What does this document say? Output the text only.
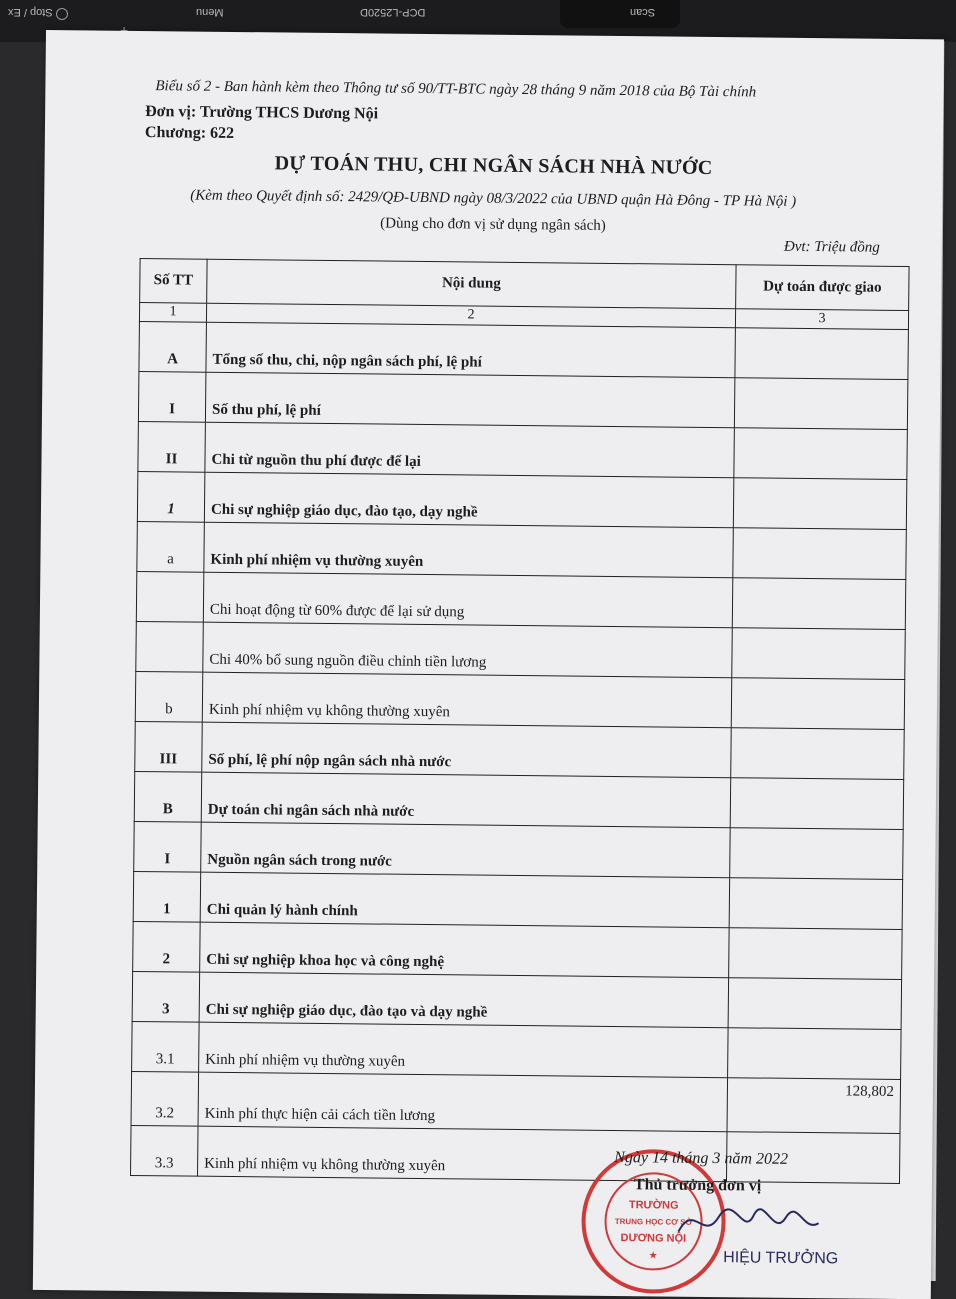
Stop / Ex	Menu	DCP-L2520D	Scan
Biểu số 2 - Ban hành kèm theo Thông tư số 90/TT-BTC ngày 28 tháng 9 năm 2018 của Bộ Tài chính
Đơn vị: Trường THCS Dương Nội
Chương: 622
DỰ TOÁN THU, CHI NGÂN SÁCH NHÀ NƯỚC
(Kèm theo Quyết định số: 2429/QĐ-UBND ngày 08/3/2022 của UBND quận Hà Đông - TP Hà Nội )
(Dùng cho đơn vị sử dụng ngân sách)
Đvt: Triệu đồng
Số TT	Nội dung	Dự toán được giao
1	2	3
A	Tổng số thu, chi, nộp ngân sách phí, lệ phí	
I	Số thu phí, lệ phí	
II	Chi từ nguồn thu phí được để lại	
1	Chi sự nghiệp giáo dục, đào tạo, dạy nghề	
a	Kinh phí nhiệm vụ thường xuyên	
	Chi hoạt động từ 60% được để lại sử dụng	
	Chi 40% bổ sung nguồn điều chỉnh tiền lương	
b	Kinh phí nhiệm vụ không thường xuyên	
III	Số phí, lệ phí nộp ngân sách nhà nước	
B	Dự toán chi ngân sách nhà nước	
I	Nguồn ngân sách trong nước	
1	Chi quản lý hành chính	
2	Chi sự nghiệp khoa học và công nghệ	
3	Chi sự nghiệp giáo dục, đào tạo và dạy nghề	
3.1	Kinh phí nhiệm vụ thường xuyên	
3.2	Kinh phí thực hiện cải cách tiền lương	128,802
3.3	Kinh phí nhiệm vụ không thường xuyên	
TRƯỜNG
TRUNG HỌC CƠ SỞ
DƯƠNG NỘI
★
Ngày 14 tháng 3 năm 2022
Thủ trưởng đơn vị
HIỆU TRƯỞNG
